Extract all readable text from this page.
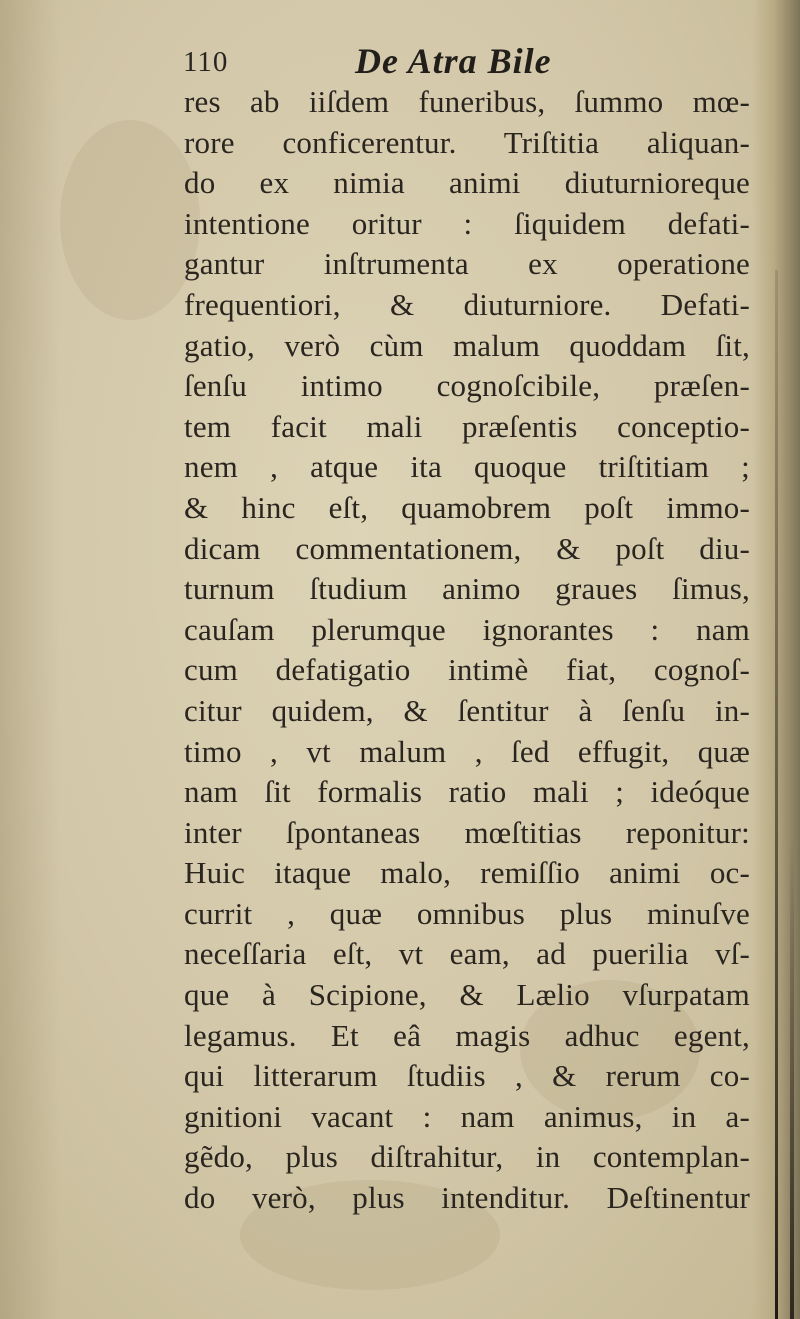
110	De Atra Bile
res ab iiſdem funeribus, ſummo mœ-
rore conficerentur. Triſtitia aliquan-
do ex nimia animi diuturnioreque
intentione oritur : ſiquidem defati-
gantur inſtrumenta ex operatione
frequentiori, & diuturniore. Defati-
gatio, verò cùm malum quoddam ſit,
ſenſu intimo cognoſcibile, præſen-
tem facit mali præſentis conceptio-
nem , atque ita quoque triſtitiam ;
& hinc eſt, quamobrem poſt immo-
dicam commentationem, & poſt diu-
turnum ſtudium animo graues ſimus,
cauſam plerumque ignorantes : nam
cum defatigatio intimè fiat, cognoſ-
citur quidem, & ſentitur à ſenſu in-
timo , vt malum , ſed effugit, quæ
nam ſit formalis ratio mali ; ideóque
inter ſpontaneas mœſtitias reponitur:
Huic itaque malo, remiſſio animi oc-
currit , quæ omnibus plus minuſve
neceſſaria eſt, vt eam, ad puerilia vſ-
que à Scipione, & Lælio vſurpatam
legamus. Et eâ magis adhuc egent,
qui litterarum ſtudiis , & rerum co-
gnitioni vacant : nam animus, in a-
gẽdo, plus diſtrahitur, in contemplan-
do verò, plus intenditur. Deſtinentur
